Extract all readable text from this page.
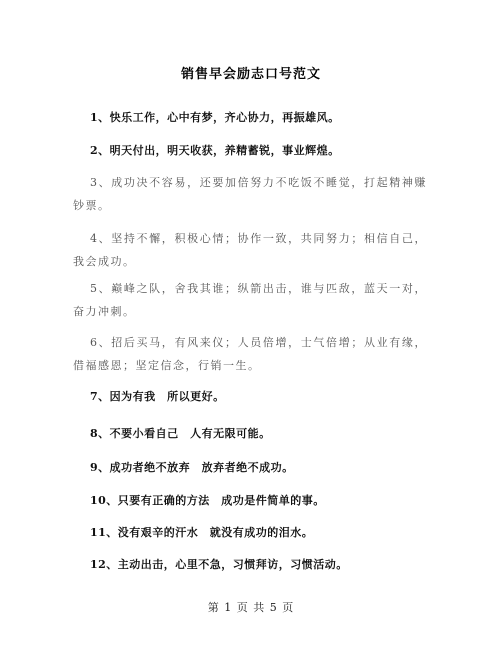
销售早会励志口号范文
1、快乐工作，心中有梦，齐心协力，再振雄风。
2、明天付出，明天收获，养精蓄锐，事业辉煌。
3、成功决不容易，还要加倍努力不吃饭不睡觉，打起精神赚钞票。
4、坚持不懈，积极心情；协作一致，共同努力；相信自己，我会成功。
5、巅峰之队，舍我其谁；纵箭出击，谁与匹敌，蓝天一对，奋力冲刺。
6、招后买马，有风来仪；人员倍增，士气倍增；从业有缘，借福感恩；坚定信念，行销一生。
7、因为有我　所以更好。
8、不要小看自己　人有无限可能。
9、成功者绝不放弃　放弃者绝不成功。
10、只要有正确的方法　成功是件简单的事。
11、没有艰辛的汗水　就没有成功的泪水。
12、主动出击，心里不急，习惯拜访，习惯活动。
第 1 页 共 5 页
